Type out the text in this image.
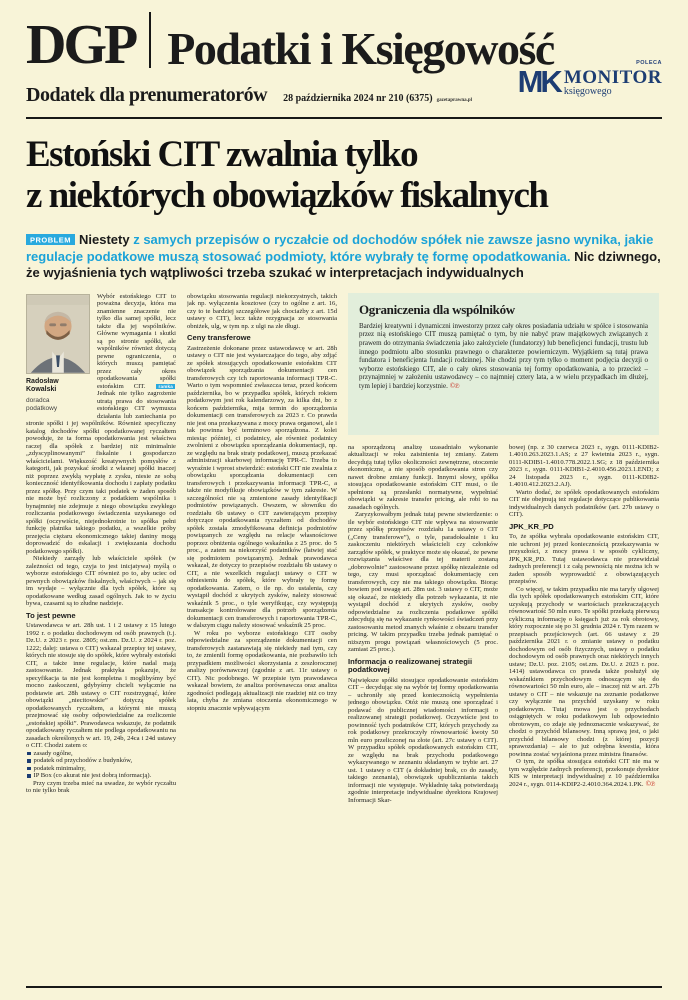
DGP Podatki i Księgowość
Dodatek dla prenumeratorów 28 października 2024 nr 210 (6375) gazetaprawna.pl
POLECA
MK MONITOR
księgowego
Estoński CIT zwalnia tylko
z niektórych obowiązków fiskalnych

PROBLEM Niestety z samych przepisów o ryczałcie od dochodów spółek nie zawsze jasno wynika, jakie regulacje podatkowe muszą stosować podmioty, które wybrały tę formę opodatkowania. Nic dziwnego, że wyjaśnienia tych wątpliwości trzeba szukać w interpretacjach indywidualnych

Radosław
Kowalski
doradca
podatkowy

Wybór estońskiego CIT to poważna decyzja, która ma znamienne znaczenie nie tylko dla samej spółki, lecz także dla jej wspólników. Główne wymagania i skutki są po stronie spółki, ale wspólników również dotyczą pewne ograniczenia, o których muszą pamiętać przez cały okres opodatkowania spółki estońskim CIT. ramka Jednak nie tylko zagrożenie utratą prawa do stosowania estońskiego CIT wymusza działania lub zaniechania po stronie spółki i jej wspólników. Również specyficzny katalog dochodów spółki opodatkowanej ryczałtem powoduje, że ta forma opodatkowania jest właściwa raczej dla spółek z bardziej niż minimalnie „zdyscyplinowanymi” fiskalnie i gospodarczo właścicielami. Większość kreatywnych pomysłów z kategorii, jak pozyskać środki z własnej spółki inaczej niż poprzez zwykłą wypłatę z zysku, niesie ze sobą konieczność identyfikowania dochodu i zapłaty podatku przez spółkę. Przy czym taki podatek w żaden sposób nie może być rozliczony z podatkiem wspólnika i bynajmniej nie zdejmuje z niego obowiązku zwykłego rozliczania podatkowego świadczenia uzyskanego od spółki (oczywiście, niejednokrotnie to spółka pełni funkcję płatnika takiego podatku, a wszelkie próby przejęcia ciężaru ekonomicznego takiej daniny mogą doprowadzić do eskalacji i zwiększania dochodu podatkowego spółki).

Niekiedy zarządy lub właściciele spółek (w zależności od tego, czyja to jest inicjatywa) myślą o wyborze estońskiego CIT również po to, aby uciec od pewnych obowiązków fiskalnych, właściwych – jak się im wydaje – wyłącznie dla tych spółek, które są opodatkowane według zasad ogólnych. Jak to w życiu bywa, czasami są to złudne nadzieje.

To jest pewne

Ustawodawca w art. 28h ust. 1 i 2 ustawy z 15 lutego 1992 r. o podatku dochodowym od osób prawnych (t.j. Dz.U. z 2023 r. poz. 2805; ost.zm. Dz.U. z 2024 r. poz. 1222; dalej: ustawa o CIT) wskazał przepisy tej ustawy, których nie stosuje się do spółek, które wybrały estoński CIT, a także inne regulacje, które nadal mają zastosowanie. Jednak praktyka pokazuje, że specyfikacja ta nie jest kompletna i moglibyśmy być mocno zaskoczeni, gdybyśmy chcieli wyłącznie na podstawie art. 28h ustawy o CIT rozstrzygnąć, które obowiązki „niecitowskie” dotyczą spółek opodatkowanych ryczałtem, a którymi nie muszą przejmować się osoby odpowiedzialne za rozliczenie „estońskiej spółki”. Prawodawca wskazuje, że podatnik opodatkowany ryczałtem nie podlega opodatkowaniu na zasadach określonych w art. 19, 24b, 24ca i 24d ustawy o CIT. Chodzi zatem o:

zasady ogólne,
podatek od przychodów z budynków,
podatek minimalny,
IP Box (co akurat nie jest dobrą informacją).

Przy czym trzeba mieć na uwadze, że wybór ryczałtu to nie tylko brak

obowiązku stosowania regulacji niekorzystnych, takich jak np. wyłączenia kosztowe (czy to ogólne z art. 16, czy to te bardziej szczegółowe jak chociażby z art. 15d ustawy o CIT), lecz także rezygnacja ze stosowania obniżek, ulg, w tym np. z ulgi na złe długi.

Ceny transferowe

Zastrzeżenie dokonane przez ustawodawcę w art. 28h ustawy o CIT nie jest wystarczające do tego, aby zdjąć ze spółek stosujących opodatkowanie estońskim CIT obowiązek sporządzania dokumentacji cen transferowych czy ich raportowania informacji TPR-C. Warto o tym wspomnieć zwłaszcza teraz, przed końcem października, bo w przypadku spółek, których rokiem podatkowym jest rok kalendarzowy, za kilka dni, bo z końcem października, mija termin do sporządzenia dokumentacji cen transferowych za 2023 r. Co prawda nie jest ona przekazywana z mocy prawa organowi, ale i tak powinna być terminowo sporządzona. Z kolei miesiąc później, ci podatnicy, ale również podatnicy zwolnieni z obowiązku sporządzania dokumentacji, np. ze względu na brak straty podatkowej, muszą przekazać administracji skarbowej informację TPR-C. Trzeba to wyraźnie i wprost stwierdzić: estoński CIT nie zwalnia z obowiązku sporządzania dokumentacji cen transferowych i przekazywania informacji TPR-C, a także nie modyfikuje obowiązków w tym zakresie. W szczególności nie są zmienione zasady identyfikacji podmiotów powiązanych. Owszem, w słowniku do rozdziału 6b ustawy o CIT zawierającym przepisy dotyczące opodatkowania ryczałtem od dochodów spółek została zmodyfikowana definicja podmiotów powiązanych ze względu na relacje własnościowe poprzez obniżenia ogólnego wskaźnika z 25 proc. do 5 proc., a zatem na niekorzyść podatników (łatwiej stać się podmiotem powiązanym). Jednak prawodawca wskazał, że dotyczy to przepisów rozdziału 6b ustawy o CIT, a nie wszelkich regulacji ustawy o CIT w odniesieniu do spółek, które wybrały tę formę opodatkowania. Zatem, o ile np. do ustalenia, czy wystąpił dochód z ukrytych zysków, należy stosować wskaźnik 5 proc., o tyle weryfikując, czy występują transakcje kontrolowane dla potrzeb sporządzenia dokumentacji cen transferowych i raportowania TPR-C, w dalszym ciągu należy stosować wskaźnik 25 proc.

W roku po wyborze estońskiego CIT osoby odpowiedzialne za sporządzenie dokumentacji cen transferowych zastanawiają się niekiedy nad tym, czy to, że zmienili formę opodatkowania, nie pozbawiło ich przypadkiem możliwości skorzystania z zeszłorocznej analizy porównawczej (zgodnie z art. 11r ustawy o CIT). Nic podobnego. W przepisie tym prawodawca wskazał bowiem, że analiza porównawcza oraz analiza zgodności podlegają aktualizacji nie rzadziej niż co trzy lata, chyba że zmiana otoczenia ekonomicznego w stopniu znacznie wpływającym

Ograniczenia dla wspólników

Bardziej kreatywni i dynamiczni inwestorzy przez cały okres posiadania udziału w spółce i stosowania przez nią estońskiego CIT muszą pamiętać o tym, by nie nabyć praw majątkowych związanych z prawem do otrzymania świadczenia jako założyciele (fundatorzy) lub beneficjenci fundacji, trustu lub innego podmiotu albo stosunku prawnego o charakterze powierniczym. Wyjątkiem są tutaj prawa fundatora i beneficjenta fundacji rodzinnej. Nie chodzi przy tym tylko o moment podjęcia decyzji o wyborze estońskiego CIT, ale o cały okres stosowania tej formy opodatkowania, a to przecież – przynajmniej w założeniu ustawodawcy – co najmniej cztery lata, a w wielu przypadkach im dłużej, tym lepiej i bardziej korzystnie. ©℗

na sporządzoną analizę uzasadniało wykonanie aktualizacji w roku zaistnienia tej zmiany. Zatem decydują tutaj tylko okoliczności zewnętrzne, otoczenie ekonomiczne, a nie sposób opodatkowania stron czy nawet drobne zmiany funkcji. Innymi słowy, spółka stosująca opodatkowanie estońskim CIT musi, o ile spełnione są przesłanki normatywne, wypełniać obowiązki w zakresie transfer pricing, ale robi to na zasadach ogólnych.

Zaryzykowałbym jednak tutaj pewne stwierdzenie: o ile wybór estońskiego CIT nie wpływa na stosowanie przez spółkę przepisów rozdziału 1a ustawy o CIT („Ceny transferowe”), o tyle, paradoksalnie i ku zaskoczeniu niektórych właścicieli czy członków zarządów spółek, w praktyce może się okazać, że pewne rozwiązania właściwe dla tej materii zostaną „dobrowolnie” zastosowane przez spółkę niezależnie od tego, czy musi sporządzać dokumentację cen transferowych, czy nie ma takiego obowiązku. Biorąc bowiem pod uwagę art. 28m ust. 3 ustawy o CIT, może się okazać, że niekiedy dla potrzeb wykazania, iż nie wystąpił dochód z ukrytych zysków, osoby odpowiedzialne za rozliczenia podatkowe spółki zdecydują się na wykazanie rynkowości świadczeń przy zastosowaniu metod znanych właśnie z obszaru transfer pricing. W takim przypadku trzeba jednak pamiętać o niższym progu powiązań własnościowych (5 proc. zamiast 25 proc.).

Informacja o realizowanej strategii podatkowej

Największe spółki stosujące opodatkowanie estońskim CIT – decydując się na wybór tej formy opodatkowania – uchroniły się przed koniecznością wypełnienia jednego obowiązku. Otóż nie muszą one sporządzać i podawać do publicznej wiadomości informacji o realizowanej strategii podatkowej. Oczywiście jest to powinność tych podatników CIT, których przychody za rok podatkowy przekroczyły równowartość kwoty 50 mln euro przeliczonej na złote (art. 27c ustawy o CIT). W przypadku spółek opodatkowanych estońskim CIT, ze względu na brak przychodu podatkowego wykazywanego w zeznaniu składanym w trybie art. 27 ust. 1 ustawy o CIT (a dokładniej brak, co do zasady, takiego zeznania), obowiązek upubliczniania takich informacji nie występuje. Wykładnię taką potwierdzają zgodnie interpretacje indywidualne dyrektora Krajowej Informacji Skar-

bowej (np. z 30 czerwca 2023 r., sygn. 0111-KDIB2-1.4010.263.2023.1.AS; z 27 kwietnia 2023 r., sygn. 0111-KDIB1-1.4010.778.2022.1.SG; z 18 października 2023 r., sygn. 0111-KDIB1-2.4010.456.2023.1.END; z 24 listopada 2023 r., sygn. 0111-KDIB2-1.4010.412.2023.2.AJ).

Warto dodać, że spółek opodatkowanych estońskim CIT nie obejmują też regulacje dotyczące publikowania indywidualnych danych podatników (art. 27b ustawy o CIT).

JPK_KR_PD

To, że spółka wybrała opodatkowanie estońskim CIT, nie uchroni jej przed koniecznością przekazywania w przyszłości, z mocy prawa i w sposób cykliczny, JPK_KR_PD. Tutaj ustawodawca nie przewidział żadnych preferencji i z całą pewnością nie można ich w żaden sposób wyprowadzić z obowiązujących przepisów.

Co więcej, w takim przypadku nie ma taryfy ulgowej dla tych spółek opodatkowanych estońskim CIT, które uzyskują przychody w wartościach przekraczających równowartość 50 mln euro. Te spółki przekażą pierwszą cykliczną informację o księgach już za rok obrotowy, który rozpocznie się po 31 grudnia 2024 r. Tym razem w przepisach przejściowych (art. 66 ustawy z 29 października 2021 r. o zmianie ustawy o podatku dochodowym od osób fizycznych, ustawy o podatku dochodowym od osób prawnych oraz niektórych innych ustaw; Dz.U. poz. 2105; ost.zm. Dz.U. z 2023 r. poz. 1414) ustawodawca co prawda także posłużył się wskaźnikiem przychodowym odnoszącym się do równowartości 50 mln euro, ale – inaczej niż w art. 27b ustawy o CIT – nie wskazuje na zeznanie podatkowe czy wyłącznie na przychód uzyskany w roku podatkowym. Tutaj mowa jest o przychodach osiągniętych w roku podatkowym lub odpowiednio obrotowym, co zdaje się jednoznacznie wskazywać, że chodzi o przychód bilansowy. Inną sprawą jest, o jaki przychód bilansowy chodzi (z której pozycji sprawozdania) – ale to już odrębna kwestia, która powinna zostać wyjaśniona przez ministra finansów.

O tym, że spółka stosująca estoński CIT nie ma w tym względzie żadnych preferencji, przekonuje dyrektor KIS w interpretacji indywidualnej z 10 października 2024 r., sygn. 0114-KDIP2-2.4010.364.2024.1.PK. ©℗
